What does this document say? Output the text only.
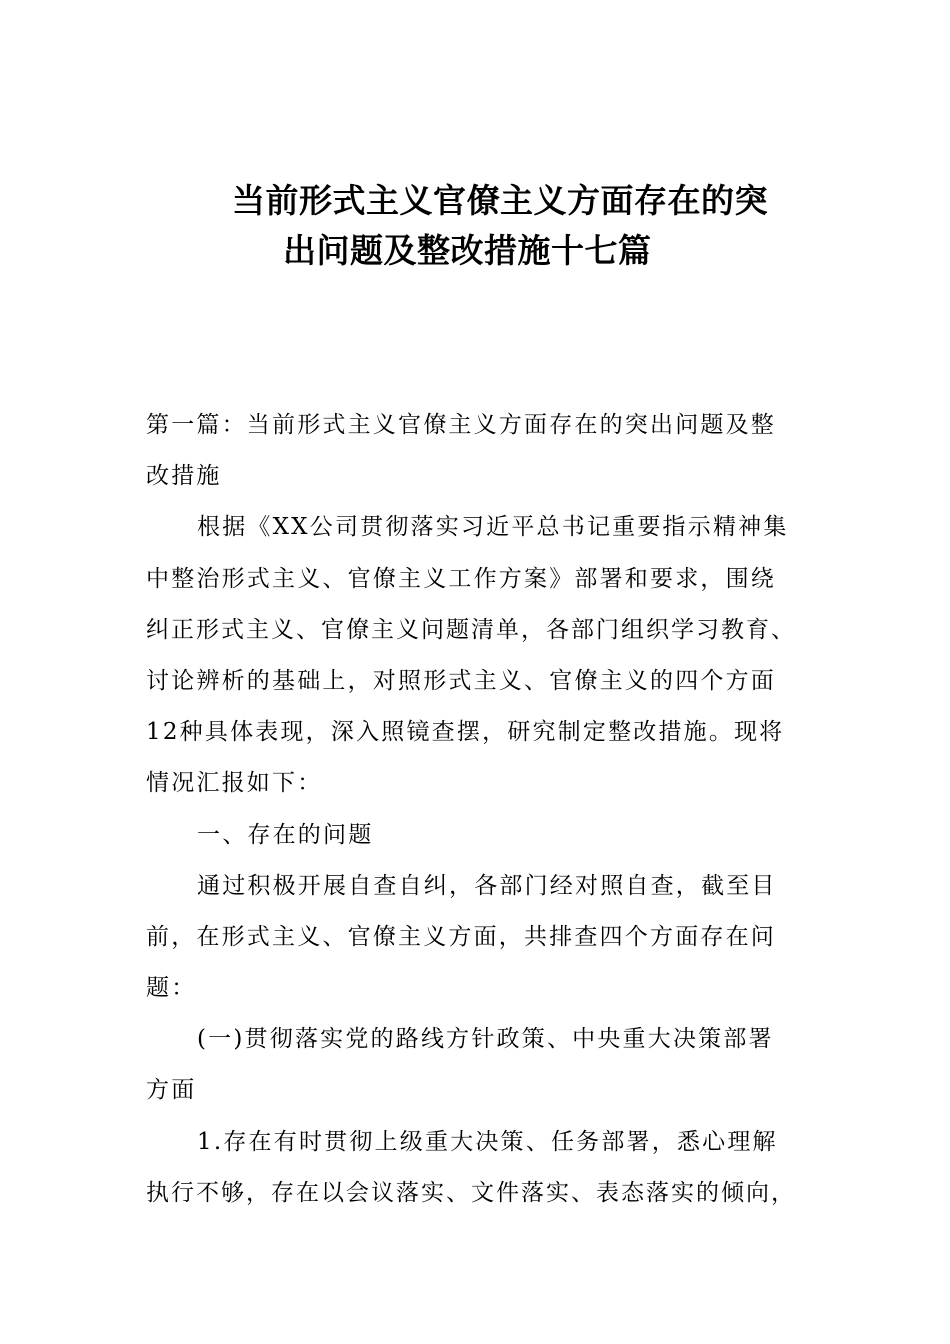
当前形式主义官僚主义方面存在的突
出问题及整改措施十七篇
第一篇：当前形式主义官僚主义方面存在的突出问题及整
改措施
根据《XX公司贯彻落实习近平总书记重要指示精神集
中整治形式主义、官僚主义工作方案》部署和要求，围绕
纠正形式主义、官僚主义问题清单，各部门组织学习教育、
讨论辨析的基础上，对照形式主义、官僚主义的四个方面
12种具体表现，深入照镜查摆，研究制定整改措施。现将
情况汇报如下：
一、存在的问题
通过积极开展自查自纠，各部门经对照自查，截至目
前，在形式主义、官僚主义方面，共排查四个方面存在问
题：
(一)贯彻落实党的路线方针政策、中央重大决策部署
方面
1.存在有时贯彻上级重大决策、任务部署，悉心理解
执行不够，存在以会议落实、文件落实、表态落实的倾向，
